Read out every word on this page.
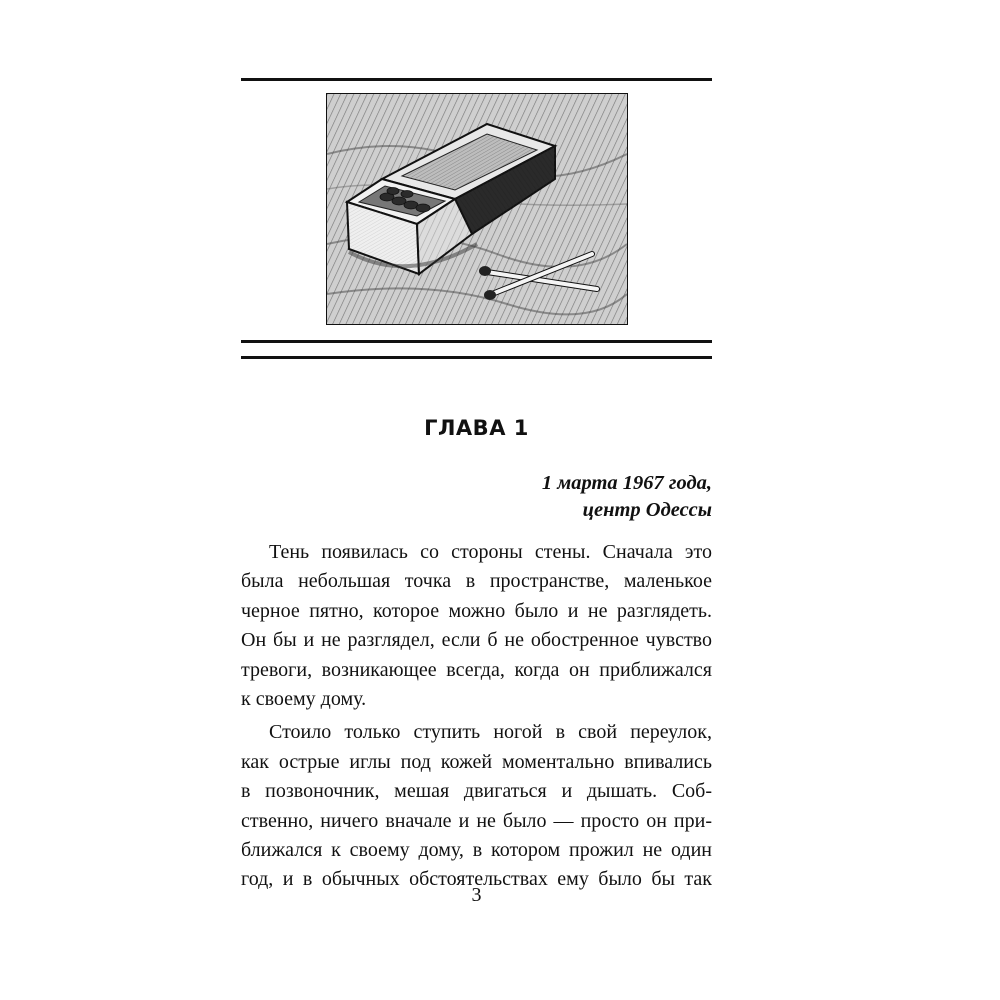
ГЛАВА 1
1 марта 1967 года,
центр Одессы

Тень появилась со стороны стены. Сначала это
была небольшая точка в пространстве, маленькое
черное пятно, которое можно было и не разглядеть.
Он бы и не разглядел, если б не обостренное чувство
тревоги, возникающее всегда, когда он приближался
к своему дому.

Стоило только ступить ногой в свой переулок,
как острые иглы под кожей моментально впивались
в позвоночник, мешая двигаться и дышать. Соб-
ственно, ничего вначале и не было — просто он при-
ближался к своему дому, в котором прожил не один
год, и в обычных обстоятельствах ему было бы так

3
